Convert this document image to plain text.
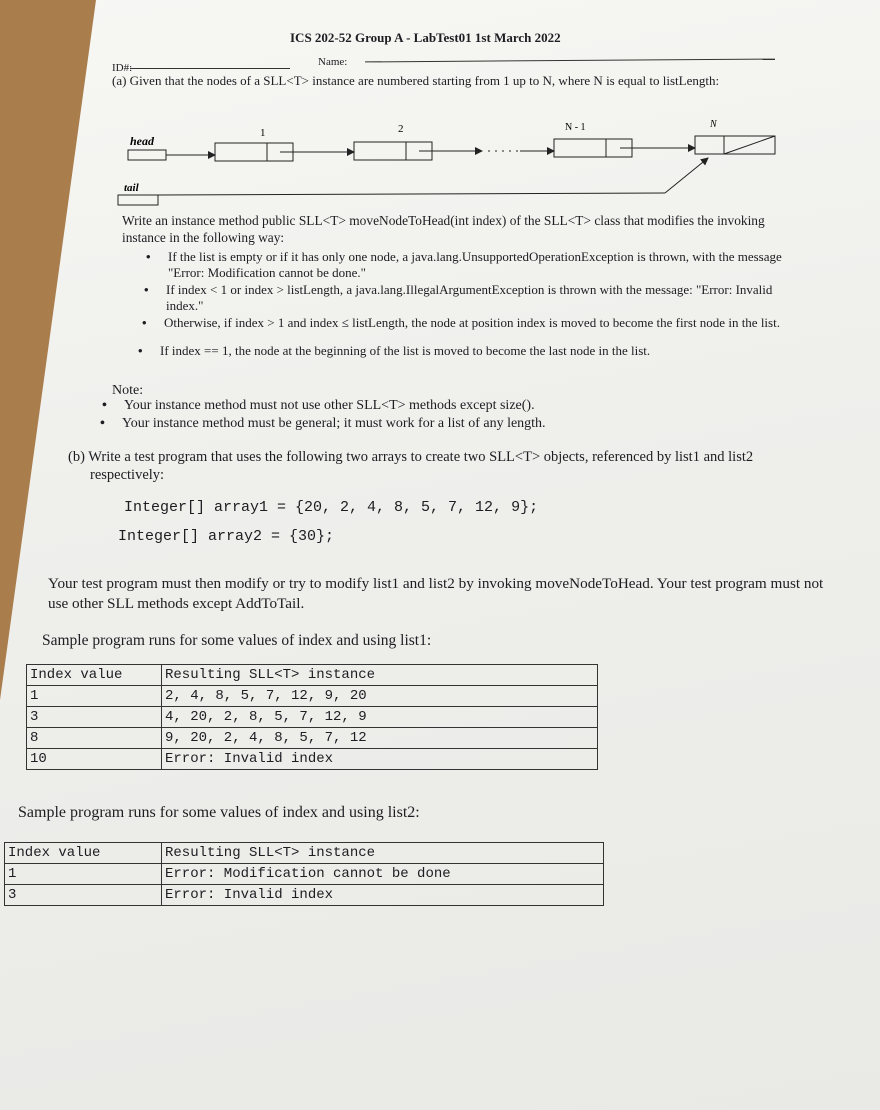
ICS 202-52 Group A - LabTest01 1st March 2022
ID#:	Name:
(a) Given that the nodes of a SLL<T> instance are numbered starting from 1 up to N, where N is equal to listLength:
head
1	2	N - 1	N
tail
Write an instance method public SLL<T> moveNodeToHead(int index) of the SLL<T> class that modifies the invoking instance in the following way:
• If the list is empty or if it has only one node, a java.lang.UnsupportedOperationException is thrown, with the message "Error: Modification cannot be done."
• If index < 1 or index > listLength, a java.lang.IllegalArgumentException is thrown with the message: "Error: Invalid index."
• Otherwise, if index > 1 and index ≤ listLength, the node at position index is moved to become the first node in the list.
• If index == 1, the node at the beginning of the list is moved to become the last node in the list.
Note:
• Your instance method must not use other SLL<T> methods except size().
• Your instance method must be general; it must work for a list of any length.
(b) Write a test program that uses the following two arrays to create two SLL<T> objects, referenced by list1 and list2 respectively:
Integer[] array1 = {20, 2, 4, 8, 5, 7, 12, 9};
Integer[] array2 = {30};
Your test program must then modify or try to modify list1 and list2 by invoking moveNodeToHead. Your test program must not use other SLL methods except AddToTail.
Sample program runs for some values of index and using list1:
Index value	Resulting SLL<T> instance
1	2, 4, 8, 5, 7, 12, 9, 20
3	4, 20, 2, 8, 5, 7, 12, 9
8	9, 20, 2, 4, 8, 5, 7, 12
10	Error: Invalid index
Sample program runs for some values of index and using list2:
Index value	Resulting SLL<T> instance
1	Error: Modification cannot be done
3	Error: Invalid index
